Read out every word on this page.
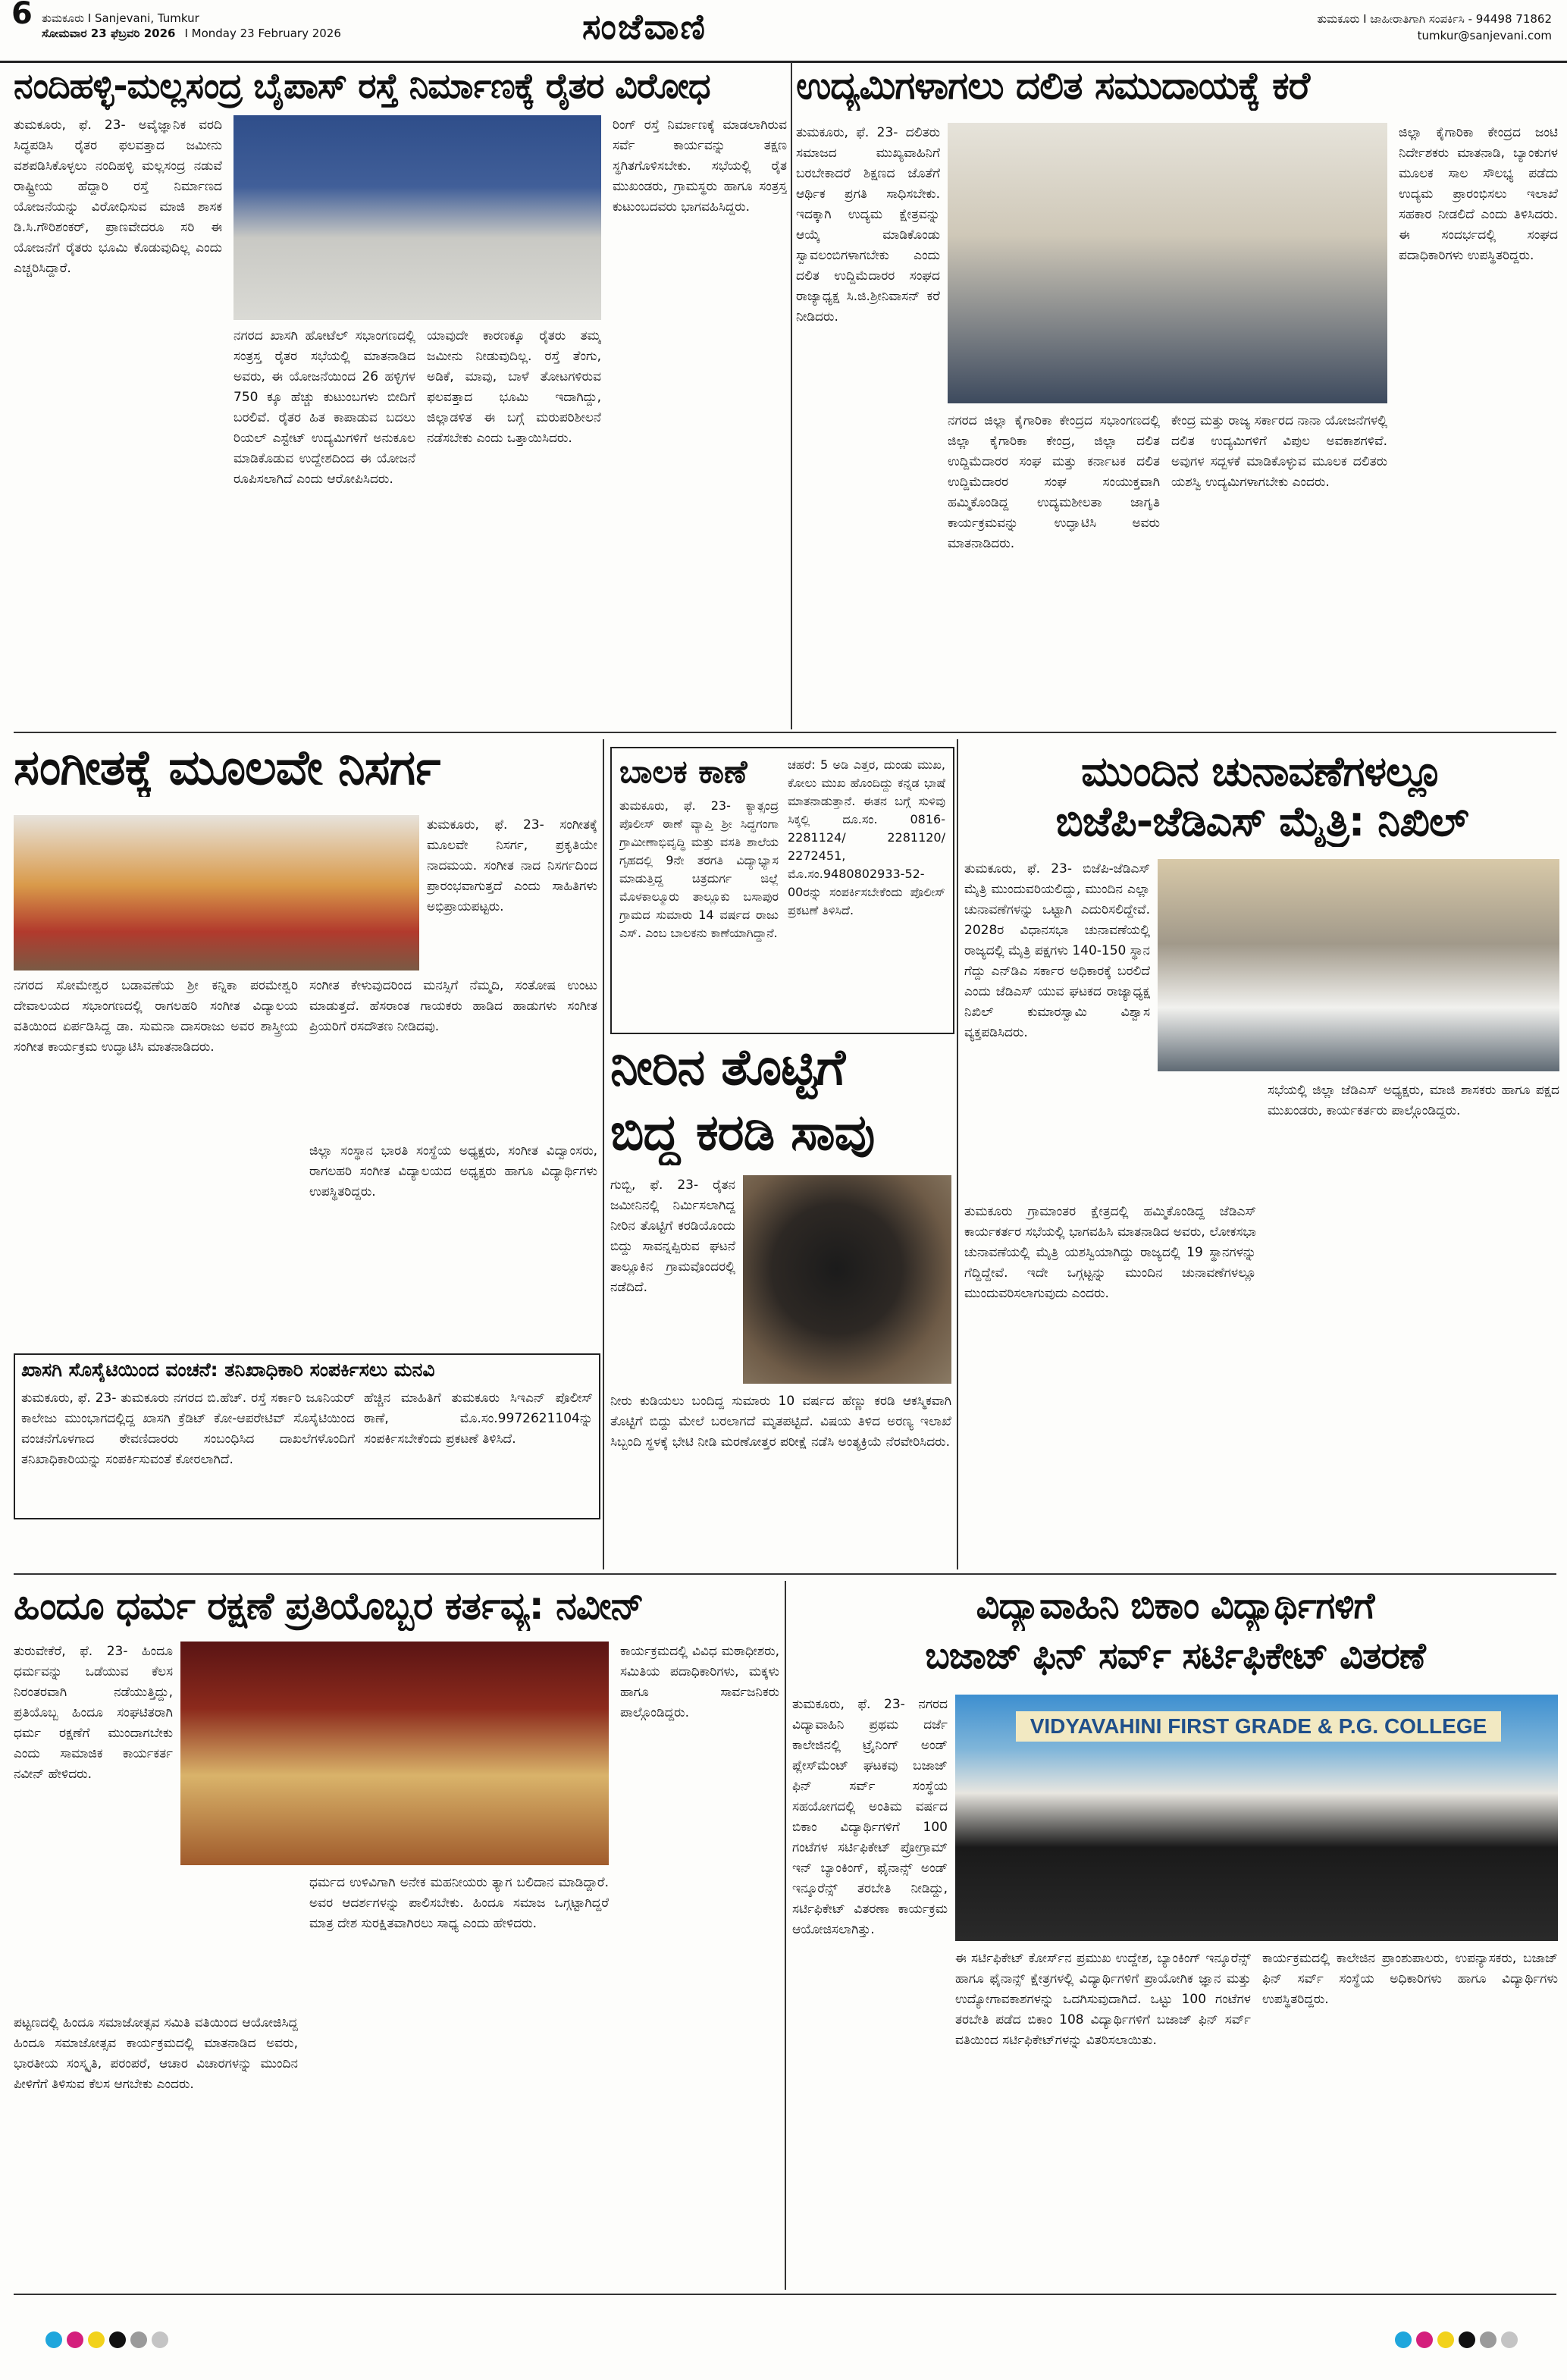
6 ತುಮಕೂರು I Sanjevani, Tumkur
ಸೋಮವಾರ 23 ಫೆಬ್ರವರಿ 2026 I Monday 23 February 2026	ಸಂಜೆವಾಣಿ	ತುಮಕೂರು I ಜಾಹೀರಾತಿಗಾಗಿ ಸಂಪರ್ಕಿಸಿ - 94498 71862
tumkur@sanjevani.com
ನಂದಿಹಳ್ಳಿ-ಮಲ್ಲಸಂದ್ರ ಬೈಪಾಸ್ ರಸ್ತೆ ನಿರ್ಮಾಣಕ್ಕೆ ರೈತರ ವಿರೋಧ
ತುಮಕೂರು, ಫೆ. 23- ಅವೈಜ್ಞಾನಿಕ ವರದಿ ಸಿದ್ಧಪಡಿಸಿ ರೈತರ ಫಲವತ್ತಾದ ಜಮೀನು ವಶಪಡಿಸಿಕೊಳ್ಳಲು ನಂದಿಹಳ್ಳಿ ಮಲ್ಲಸಂದ್ರ ನಡುವೆ ರಾಷ್ಟ್ರೀಯ ಹೆದ್ದಾರಿ ರಸ್ತೆ ನಿರ್ಮಾಣದ ಯೋಜನೆಯನ್ನು ವಿರೋಧಿಸುವ ಮಾಜಿ ಶಾಸಕ ಡಿ.ಸಿ.ಗೌರಿಶಂಕರ್, ಪ್ರಾಣವೇದರೂ ಸರಿ ಈ ಯೋಜನೆಗೆ ರೈತರು ಭೂಮಿ ಕೊಡುವುದಿಲ್ಲ ಎಂದು ಎಚ್ಚರಿಸಿದ್ದಾರೆ.
ನಗರದ ಖಾಸಗಿ ಹೋಟೆಲ್ ಸಭಾಂಗಣದಲ್ಲಿ ಸಂತ್ರಸ್ತ ರೈತರ ಸಭೆಯಲ್ಲಿ ಮಾತನಾಡಿದ ಅವರು, ಈ ಯೋಜನೆಯಿಂದ 26 ಹಳ್ಳಿಗಳ 750 ಕ್ಕೂ ಹೆಚ್ಚು ಕುಟುಂಬಗಳು ಬೀದಿಗೆ ಬರಲಿವೆ. ರೈತರ ಹಿತ ಕಾಪಾಡುವ ಬದಲು ರಿಯಲ್ ಎಸ್ಟೇಟ್ ಉದ್ಯಮಿಗಳಿಗೆ ಅನುಕೂಲ ಮಾಡಿಕೊಡುವ ಉದ್ದೇಶದಿಂದ ಈ ಯೋಜನೆ ರೂಪಿಸಲಾಗಿದೆ ಎಂದು ಆರೋಪಿಸಿದರು.
ಯಾವುದೇ ಕಾರಣಕ್ಕೂ ರೈತರು ತಮ್ಮ ಜಮೀನು ನೀಡುವುದಿಲ್ಲ. ರಸ್ತೆ ತೆಂಗು, ಅಡಿಕೆ, ಮಾವು, ಬಾಳೆ ತೋಟಗಳಿರುವ ಫಲವತ್ತಾದ ಭೂಮಿ ಇದಾಗಿದ್ದು, ಜಿಲ್ಲಾಡಳಿತ ಈ ಬಗ್ಗೆ ಮರುಪರಿಶೀಲನೆ ನಡೆಸಬೇಕು ಎಂದು ಒತ್ತಾಯಿಸಿದರು.
ರಿಂಗ್ ರಸ್ತೆ ನಿರ್ಮಾಣಕ್ಕೆ ಮಾಡಲಾಗಿರುವ ಸರ್ವೆ ಕಾರ್ಯವನ್ನು ತಕ್ಷಣ ಸ್ಥಗಿತಗೊಳಿಸಬೇಕು. ಸಭೆಯಲ್ಲಿ ರೈತ ಮುಖಂಡರು, ಗ್ರಾಮಸ್ಥರು ಹಾಗೂ ಸಂತ್ರಸ್ತ ಕುಟುಂಬದವರು ಭಾಗವಹಿಸಿದ್ದರು.
ಉದ್ಯಮಿಗಳಾಗಲು ದಲಿತ ಸಮುದಾಯಕ್ಕೆ ಕರೆ
ತುಮಕೂರು, ಫೆ. 23- ದಲಿತರು ಸಮಾಜದ ಮುಖ್ಯವಾಹಿನಿಗೆ ಬರಬೇಕಾದರೆ ಶಿಕ್ಷಣದ ಜೊತೆಗೆ ಆರ್ಥಿಕ ಪ್ರಗತಿ ಸಾಧಿಸಬೇಕು. ಇದಕ್ಕಾಗಿ ಉದ್ಯಮ ಕ್ಷೇತ್ರವನ್ನು ಆಯ್ಕೆ ಮಾಡಿಕೊಂಡು ಸ್ವಾವಲಂಬಿಗಳಾಗಬೇಕು ಎಂದು ದಲಿತ ಉದ್ದಿಮೆದಾರರ ಸಂಘದ ರಾಜ್ಯಾಧ್ಯಕ್ಷ ಸಿ.ಜಿ.ಶ್ರೀನಿವಾಸನ್ ಕರೆ ನೀಡಿದರು.
ನಗರದ ಜಿಲ್ಲಾ ಕೈಗಾರಿಕಾ ಕೇಂದ್ರದ ಸಭಾಂಗಣದಲ್ಲಿ ಜಿಲ್ಲಾ ಕೈಗಾರಿಕಾ ಕೇಂದ್ರ, ಜಿಲ್ಲಾ ದಲಿತ ಉದ್ದಿಮೆದಾರರ ಸಂಘ ಮತ್ತು ಕರ್ನಾಟಕ ದಲಿತ ಉದ್ದಿಮೆದಾರರ ಸಂಘ ಸಂಯುಕ್ತವಾಗಿ ಹಮ್ಮಿಕೊಂಡಿದ್ದ ಉದ್ಯಮಶೀಲತಾ ಜಾಗೃತಿ ಕಾರ್ಯಕ್ರಮವನ್ನು ಉದ್ಘಾಟಿಸಿ ಅವರು ಮಾತನಾಡಿದರು.
ಕೇಂದ್ರ ಮತ್ತು ರಾಜ್ಯ ಸರ್ಕಾರದ ನಾನಾ ಯೋಜನೆಗಳಲ್ಲಿ ದಲಿತ ಉದ್ಯಮಿಗಳಿಗೆ ವಿಪುಲ ಅವಕಾಶಗಳಿವೆ. ಅವುಗಳ ಸದ್ಬಳಕೆ ಮಾಡಿಕೊಳ್ಳುವ ಮೂಲಕ ದಲಿತರು ಯಶಸ್ವಿ ಉದ್ಯಮಿಗಳಾಗಬೇಕು ಎಂದರು.
ಜಿಲ್ಲಾ ಕೈಗಾರಿಕಾ ಕೇಂದ್ರದ ಜಂಟಿ ನಿರ್ದೇಶಕರು ಮಾತನಾಡಿ, ಬ್ಯಾಂಕುಗಳ ಮೂಲಕ ಸಾಲ ಸೌಲಭ್ಯ ಪಡೆದು ಉದ್ಯಮ ಪ್ರಾರಂಭಿಸಲು ಇಲಾಖೆ ಸಹಕಾರ ನೀಡಲಿದೆ ಎಂದು ತಿಳಿಸಿದರು. ಈ ಸಂದರ್ಭದಲ್ಲಿ ಸಂಘದ ಪದಾಧಿಕಾರಿಗಳು ಉಪಸ್ಥಿತರಿದ್ದರು.
ಸಂಗೀತಕ್ಕೆ ಮೂಲವೇ ನಿಸರ್ಗ
ತುಮಕೂರು, ಫೆ. 23- ಸಂಗೀತಕ್ಕೆ ಮೂಲವೇ ನಿಸರ್ಗ, ಪ್ರಕೃತಿಯೇ ನಾದಮಯ. ಸಂಗೀತ ನಾದ ನಿಸರ್ಗದಿಂದ ಪ್ರಾರಂಭವಾಗುತ್ತದೆ ಎಂದು ಸಾಹಿತಿಗಳು ಅಭಿಪ್ರಾಯಪಟ್ಟರು.
ನಗರದ ಸೋಮೇಶ್ವರ ಬಡಾವಣೆಯ ಶ್ರೀ ಕನ್ನಿಕಾ ಪರಮೇಶ್ವರಿ ದೇವಾಲಯದ ಸಭಾಂಗಣದಲ್ಲಿ ರಾಗಲಹರಿ ಸಂಗೀತ ವಿದ್ಯಾಲಯ ವತಿಯಿಂದ ಏರ್ಪಡಿಸಿದ್ದ ಡಾ. ಸುಮನಾ ದಾಸರಾಜು ಅವರ ಶಾಸ್ತ್ರೀಯ ಸಂಗೀತ ಕಾರ್ಯಕ್ರಮ ಉದ್ಘಾಟಿಸಿ ಮಾತನಾಡಿದರು.
ಸಂಗೀತ ಕೇಳುವುದರಿಂದ ಮನಸ್ಸಿಗೆ ನೆಮ್ಮದಿ, ಸಂತೋಷ ಉಂಟು ಮಾಡುತ್ತದೆ. ಹೆಸರಾಂತ ಗಾಯಕರು ಹಾಡಿದ ಹಾಡುಗಳು ಸಂಗೀತ ಪ್ರಿಯರಿಗೆ ರಸದೌತಣ ನೀಡಿದವು.
ಜಿಲ್ಲಾ ಸಂಸ್ಥಾನ ಭಾರತಿ ಸಂಸ್ಥೆಯ ಅಧ್ಯಕ್ಷರು, ಸಂಗೀತ ವಿದ್ವಾಂಸರು, ರಾಗಲಹರಿ ಸಂಗೀತ ವಿದ್ಯಾಲಯದ ಅಧ್ಯಕ್ಷರು ಹಾಗೂ ವಿದ್ಯಾರ್ಥಿಗಳು ಉಪಸ್ಥಿತರಿದ್ದರು.
ಖಾಸಗಿ ಸೊಸೈಟಿಯಿಂದ ವಂಚನೆ: ತನಿಖಾಧಿಕಾರಿ ಸಂಪರ್ಕಿಸಲು ಮನವಿ
ತುಮಕೂರು, ಫೆ. 23- ತುಮಕೂರು ನಗರದ ಬಿ.ಹೆಚ್. ರಸ್ತೆ ಸರ್ಕಾರಿ ಜೂನಿಯರ್ ಕಾಲೇಜು ಮುಂಭಾಗದಲ್ಲಿದ್ದ ಖಾಸಗಿ ಕ್ರೆಡಿಟ್ ಕೋ-ಆಪರೇಟಿವ್ ಸೊಸೈಟಿಯಿಂದ ವಂಚನೆಗೊಳಗಾದ ಠೇವಣಿದಾರರು ಸಂಬಂಧಿಸಿದ ದಾಖಲೆಗಳೊಂದಿಗೆ ತನಿಖಾಧಿಕಾರಿಯನ್ನು ಸಂಪರ್ಕಿಸುವಂತೆ ಕೋರಲಾಗಿದೆ.
ಹೆಚ್ಚಿನ ಮಾಹಿತಿಗೆ ತುಮಕೂರು ಸಿಇಎನ್ ಪೊಲೀಸ್ ಠಾಣೆ, ಮೊ.ಸಂ.9972621104ನ್ನು ಸಂಪರ್ಕಿಸಬೇಕೆಂದು ಪ್ರಕಟಣೆ ತಿಳಿಸಿದೆ.
ಬಾಲಕ ಕಾಣೆ
ತುಮಕೂರು, ಫೆ. 23- ಕ್ಯಾತ್ಸಂದ್ರ ಪೊಲೀಸ್ ಠಾಣೆ ವ್ಯಾಪ್ತಿ ಶ್ರೀ ಸಿದ್ಧಗಂಗಾ ಗ್ರಾಮೀಣಾಭಿವೃದ್ಧಿ ಮತ್ತು ವಸತಿ ಶಾಲೆಯ ಗೃಹದಲ್ಲಿ 9ನೇ ತರಗತಿ ವಿದ್ಯಾಭ್ಯಾಸ ಮಾಡುತ್ತಿದ್ದ ಚಿತ್ರದುರ್ಗ ಜಿಲ್ಲೆ ಮೊಳಕಾಲ್ಮೂರು ತಾಲ್ಲೂಕು ಬಸಾಪುರ ಗ್ರಾಮದ ಸುಮಾರು 14 ವರ್ಷದ ರಾಜು ಎಸ್. ಎಂಬ ಬಾಲಕನು ಕಾಣೆಯಾಗಿದ್ದಾನೆ.
ಚಹರೆ: 5 ಅಡಿ ಎತ್ತರ, ದುಂಡು ಮುಖ, ಕೋಲು ಮುಖ ಹೊಂದಿದ್ದು ಕನ್ನಡ ಭಾಷೆ ಮಾತನಾಡುತ್ತಾನೆ. ಈತನ ಬಗ್ಗೆ ಸುಳಿವು ಸಿಕ್ಕಲ್ಲಿ ದೂ.ಸಂ. 0816-2281124/ 2281120/ 2272451, ಮೊ.ಸಂ.9480802933-52-00ರನ್ನು ಸಂಪರ್ಕಿಸಬೇಕೆಂದು ಪೊಲೀಸ್ ಪ್ರಕಟಣೆ ತಿಳಿಸಿದೆ.
ನೀರಿನ ತೊಟ್ಟಿಗೆ
ಬಿದ್ದ ಕರಡಿ ಸಾವು
ಗುಬ್ಬಿ, ಫೆ. 23- ರೈತನ ಜಮೀನಿನಲ್ಲಿ ನಿರ್ಮಿಸಲಾಗಿದ್ದ ನೀರಿನ ತೊಟ್ಟಿಗೆ ಕರಡಿಯೊಂದು ಬಿದ್ದು ಸಾವನ್ನಪ್ಪಿರುವ ಘಟನೆ ತಾಲ್ಲೂಕಿನ ಗ್ರಾಮವೊಂದರಲ್ಲಿ ನಡೆದಿದೆ.
ನೀರು ಕುಡಿಯಲು ಬಂದಿದ್ದ ಸುಮಾರು 10 ವರ್ಷದ ಹೆಣ್ಣು ಕರಡಿ ಆಕಸ್ಮಿಕವಾಗಿ ತೊಟ್ಟಿಗೆ ಬಿದ್ದು ಮೇಲೆ ಬರಲಾಗದೆ ಮೃತಪಟ್ಟಿದೆ. ವಿಷಯ ತಿಳಿದ ಅರಣ್ಯ ಇಲಾಖೆ ಸಿಬ್ಬಂದಿ ಸ್ಥಳಕ್ಕೆ ಭೇಟಿ ನೀಡಿ ಮರಣೋತ್ತರ ಪರೀಕ್ಷೆ ನಡೆಸಿ ಅಂತ್ಯಕ್ರಿಯೆ ನೆರವೇರಿಸಿದರು.
ಮುಂದಿನ ಚುನಾವಣೆಗಳಲ್ಲೂ
ಬಿಜೆಪಿ-ಜೆಡಿಎಸ್ ಮೈತ್ರಿ: ನಿಖಿಲ್
ತುಮಕೂರು, ಫೆ. 23- ಬಿಜೆಪಿ-ಜೆಡಿಎಸ್ ಮೈತ್ರಿ ಮುಂದುವರಿಯಲಿದ್ದು, ಮುಂದಿನ ಎಲ್ಲಾ ಚುನಾವಣೆಗಳನ್ನು ಒಟ್ಟಾಗಿ ಎದುರಿಸಲಿದ್ದೇವೆ. 2028ರ ವಿಧಾನಸಭಾ ಚುನಾವಣೆಯಲ್ಲಿ ರಾಜ್ಯದಲ್ಲಿ ಮೈತ್ರಿ ಪಕ್ಷಗಳು 140-150 ಸ್ಥಾನ ಗೆದ್ದು ಎನ್‌ಡಿಎ ಸರ್ಕಾರ ಅಧಿಕಾರಕ್ಕೆ ಬರಲಿದೆ ಎಂದು ಜೆಡಿಎಸ್ ಯುವ ಘಟಕದ ರಾಜ್ಯಾಧ್ಯಕ್ಷ ನಿಖಿಲ್ ಕುಮಾರಸ್ವಾಮಿ ವಿಶ್ವಾಸ ವ್ಯಕ್ತಪಡಿಸಿದರು.
ತುಮಕೂರು ಗ್ರಾಮಾಂತರ ಕ್ಷೇತ್ರದಲ್ಲಿ ಹಮ್ಮಿಕೊಂಡಿದ್ದ ಜೆಡಿಎಸ್ ಕಾರ್ಯಕರ್ತರ ಸಭೆಯಲ್ಲಿ ಭಾಗವಹಿಸಿ ಮಾತನಾಡಿದ ಅವರು, ಲೋಕಸಭಾ ಚುನಾವಣೆಯಲ್ಲಿ ಮೈತ್ರಿ ಯಶಸ್ವಿಯಾಗಿದ್ದು ರಾಜ್ಯದಲ್ಲಿ 19 ಸ್ಥಾನಗಳನ್ನು ಗೆದ್ದಿದ್ದೇವೆ. ಇದೇ ಒಗ್ಗಟ್ಟನ್ನು ಮುಂದಿನ ಚುನಾವಣೆಗಳಲ್ಲೂ ಮುಂದುವರಿಸಲಾಗುವುದು ಎಂದರು.
ಸಭೆಯಲ್ಲಿ ಜಿಲ್ಲಾ ಜೆಡಿಎಸ್ ಅಧ್ಯಕ್ಷರು, ಮಾಜಿ ಶಾಸಕರು ಹಾಗೂ ಪಕ್ಷದ ಮುಖಂಡರು, ಕಾರ್ಯಕರ್ತರು ಪಾಲ್ಗೊಂಡಿದ್ದರು.
ಹಿಂದೂ ಧರ್ಮ ರಕ್ಷಣೆ ಪ್ರತಿಯೊಬ್ಬರ ಕರ್ತವ್ಯ: ನವೀನ್
ತುರುವೇಕೆರೆ, ಫೆ. 23- ಹಿಂದೂ ಧರ್ಮವನ್ನು ಒಡೆಯುವ ಕೆಲಸ ನಿರಂತರವಾಗಿ ನಡೆಯುತ್ತಿದ್ದು, ಪ್ರತಿಯೊಬ್ಬ ಹಿಂದೂ ಸಂಘಟಿತರಾಗಿ ಧರ್ಮ ರಕ್ಷಣೆಗೆ ಮುಂದಾಗಬೇಕು ಎಂದು ಸಾಮಾಜಿಕ ಕಾರ್ಯಕರ್ತ ನವೀನ್ ಹೇಳಿದರು.
ಪಟ್ಟಣದಲ್ಲಿ ಹಿಂದೂ ಸಮಾಜೋತ್ಸವ ಸಮಿತಿ ವತಿಯಿಂದ ಆಯೋಜಿಸಿದ್ದ ಹಿಂದೂ ಸಮಾಜೋತ್ಸವ ಕಾರ್ಯಕ್ರಮದಲ್ಲಿ ಮಾತನಾಡಿದ ಅವರು, ಭಾರತೀಯ ಸಂಸ್ಕೃತಿ, ಪರಂಪರೆ, ಆಚಾರ ವಿಚಾರಗಳನ್ನು ಮುಂದಿನ ಪೀಳಿಗೆಗೆ ತಿಳಿಸುವ ಕೆಲಸ ಆಗಬೇಕು ಎಂದರು.
ಧರ್ಮದ ಉಳಿವಿಗಾಗಿ ಅನೇಕ ಮಹನೀಯರು ತ್ಯಾಗ ಬಲಿದಾನ ಮಾಡಿದ್ದಾರೆ. ಅವರ ಆದರ್ಶಗಳನ್ನು ಪಾಲಿಸಬೇಕು. ಹಿಂದೂ ಸಮಾಜ ಒಗ್ಗಟ್ಟಾಗಿದ್ದರೆ ಮಾತ್ರ ದೇಶ ಸುರಕ್ಷಿತವಾಗಿರಲು ಸಾಧ್ಯ ಎಂದು ಹೇಳಿದರು.
ಕಾರ್ಯಕ್ರಮದಲ್ಲಿ ವಿವಿಧ ಮಠಾಧೀಶರು, ಸಮಿತಿಯ ಪದಾಧಿಕಾರಿಗಳು, ಮಕ್ಕಳು ಹಾಗೂ ಸಾರ್ವಜನಿಕರು ಪಾಲ್ಗೊಂಡಿದ್ದರು.
ವಿದ್ಯಾವಾಹಿನಿ ಬಿಕಾಂ ವಿದ್ಯಾರ್ಥಿಗಳಿಗೆ
ಬಜಾಜ್ ಫಿನ್ ಸರ್ವ್ ಸರ್ಟಿಫಿಕೇಟ್ ವಿತರಣೆ
ತುಮಕೂರು, ಫೆ. 23- ನಗರದ ವಿದ್ಯಾವಾಹಿನಿ ಪ್ರಥಮ ದರ್ಜೆ ಕಾಲೇಜಿನಲ್ಲಿ ಟ್ರೈನಿಂಗ್ ಅಂಡ್ ಪ್ಲೇಸ್‌ಮೆಂಟ್ ಘಟಕವು ಬಜಾಜ್ ಫಿನ್ ಸರ್ವ್ ಸಂಸ್ಥೆಯ ಸಹಯೋಗದಲ್ಲಿ ಅಂತಿಮ ವರ್ಷದ ಬಿಕಾಂ ವಿದ್ಯಾರ್ಥಿಗಳಿಗೆ 100 ಗಂಟೆಗಳ ಸರ್ಟಿಫಿಕೇಟ್ ಪ್ರೋಗ್ರಾಮ್ ಇನ್ ಬ್ಯಾಂಕಿಂಗ್, ಫೈನಾನ್ಸ್ ಅಂಡ್ ಇನ್ಶೂರೆನ್ಸ್ ತರಬೇತಿ ನೀಡಿದ್ದು, ಸರ್ಟಿಫಿಕೇಟ್ ವಿತರಣಾ ಕಾರ್ಯಕ್ರಮ ಆಯೋಜಿಸಲಾಗಿತ್ತು.
VIDYAVAHINI FIRST GRADE & P.G. COLLEGE
ಈ ಸರ್ಟಿಫಿಕೇಟ್ ಕೋರ್ಸ್‌ನ ಪ್ರಮುಖ ಉದ್ದೇಶ, ಬ್ಯಾಂಕಿಂಗ್ ಇನ್ಶೂರೆನ್ಸ್ ಹಾಗೂ ಫೈನಾನ್ಸ್ ಕ್ಷೇತ್ರಗಳಲ್ಲಿ ವಿದ್ಯಾರ್ಥಿಗಳಿಗೆ ಪ್ರಾಯೋಗಿಕ ಜ್ಞಾನ ಮತ್ತು ಉದ್ಯೋಗಾವಕಾಶಗಳನ್ನು ಒದಗಿಸುವುದಾಗಿದೆ. ಒಟ್ಟು 100 ಗಂಟೆಗಳ ತರಬೇತಿ ಪಡೆದ ಬಿಕಾಂ 108 ವಿದ್ಯಾರ್ಥಿಗಳಿಗೆ ಬಜಾಜ್ ಫಿನ್ ಸರ್ವ್ ವತಿಯಿಂದ ಸರ್ಟಿಫಿಕೇಟ್‌ಗಳನ್ನು ವಿತರಿಸಲಾಯಿತು.
ಕಾರ್ಯಕ್ರಮದಲ್ಲಿ ಕಾಲೇಜಿನ ಪ್ರಾಂಶುಪಾಲರು, ಉಪನ್ಯಾಸಕರು, ಬಜಾಜ್ ಫಿನ್ ಸರ್ವ್ ಸಂಸ್ಥೆಯ ಅಧಿಕಾರಿಗಳು ಹಾಗೂ ವಿದ್ಯಾರ್ಥಿಗಳು ಉಪಸ್ಥಿತರಿದ್ದರು.
